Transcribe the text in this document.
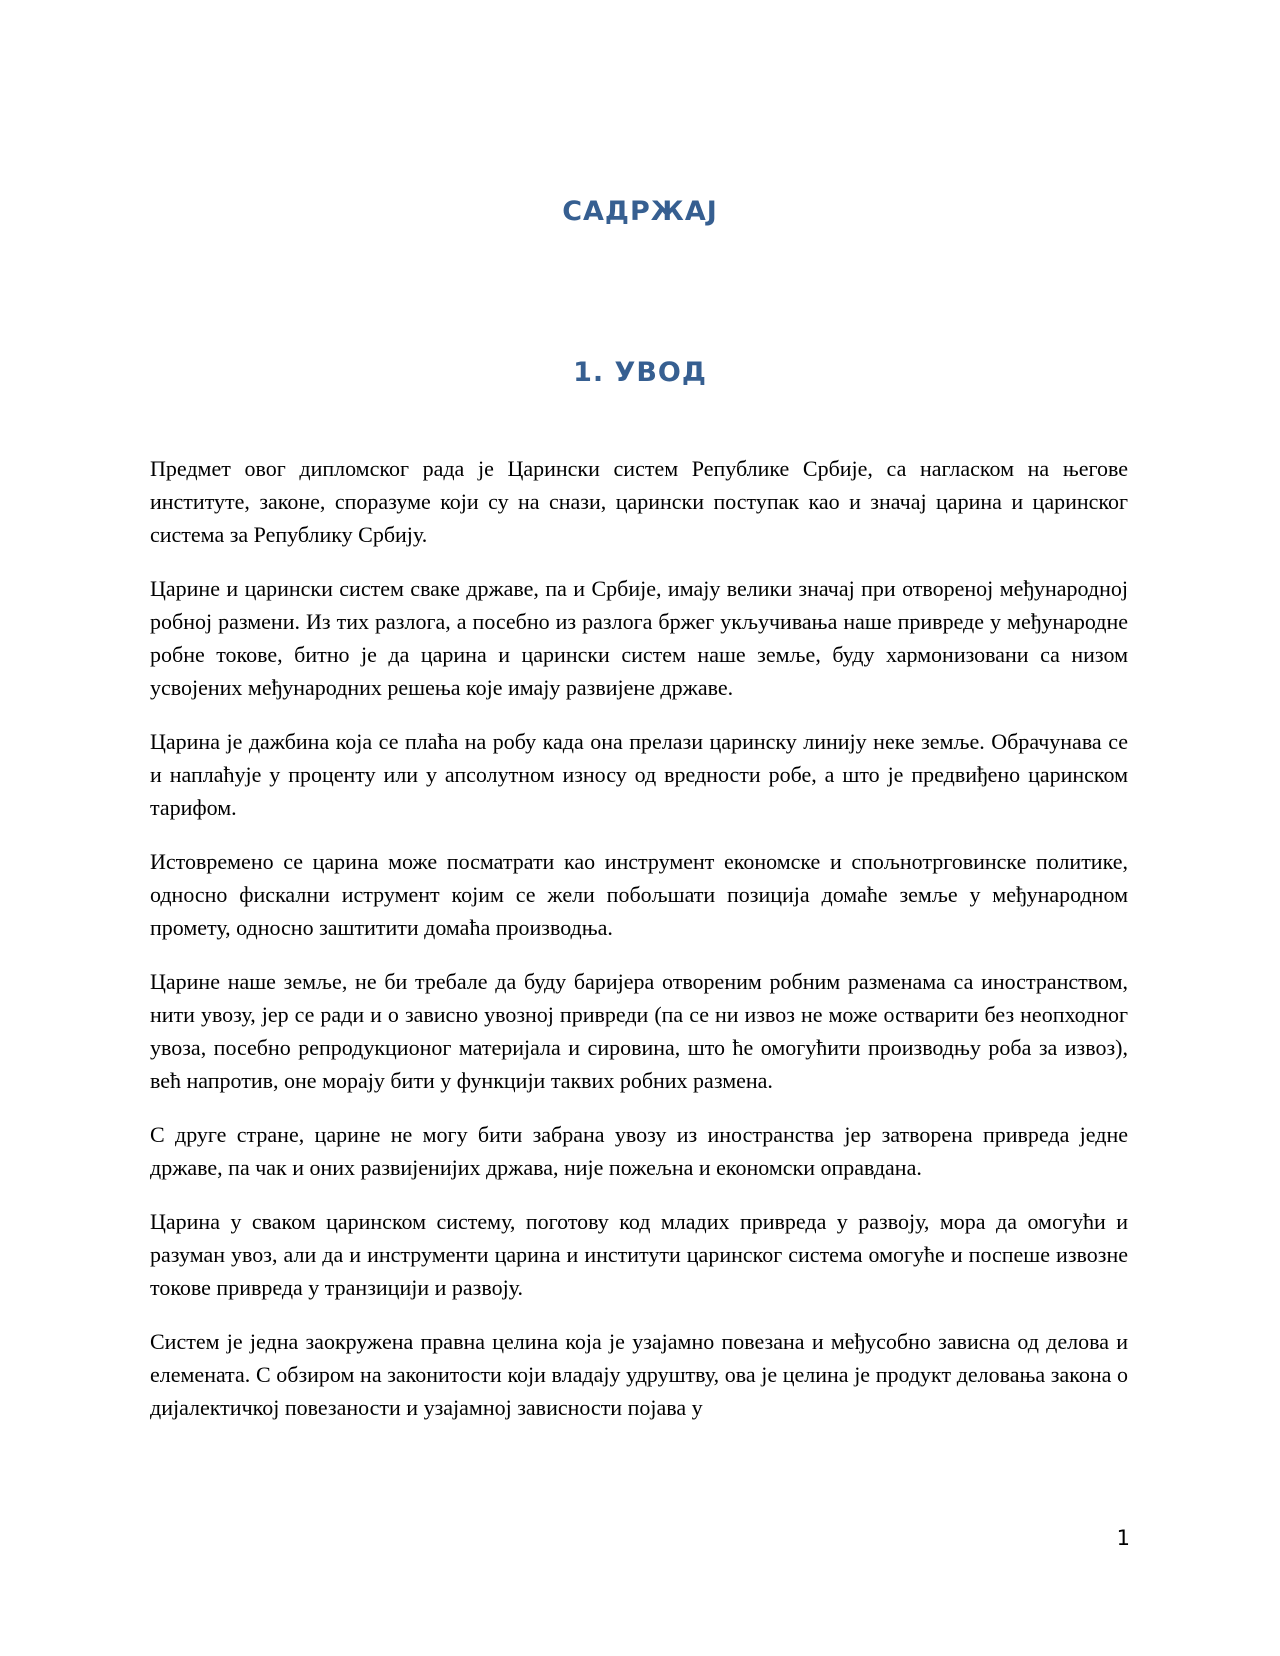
САДРЖАЈ
1. УВОД

Предмет овог дипломског рада је Царински систем Републике Србије, са нагласком на његове институте, законе, споразуме који су на снази, царински поступак као и значај царина и царинског система за Републику Србију.

Царине и царински систем сваке државе, па и Србије, имају велики значај при отвореној међународној робној размени. Из тих разлога, а посебно из разлога бржег укључивања наше привреде у међународне робне токове, битно је да царина и царински систем наше земље, буду хармонизовани са низом усвојених међународних решења које имају развијене државе.

Царина је дажбина која се плаћа на робу када она прелази царинску линију неке земље. Обрачунава се и наплаћује у проценту или у апсолутном износу од вредности робе, а што је предвиђено царинском тарифом.

Истовремено се царина може посматрати као инструмент економске и спољнотрговинске политике, односно фискални иструмент којим се жели побољшати позиција домаће земље у међународном промету, односно заштитити домаћа производња.

Царине наше земље, не би требале да буду баријера отвореним робним разменама са иностранством, нити увозу, јер се ради и о зависно увозној привреди (па се ни извоз не може остварити без неопходног увоза, посебно репродукционог материјала и сировина, што ће омогућити производњу роба за извоз), већ напротив, оне морају бити у функцији таквих робних размена.

С друге стране, царине не могу бити забрана увозу из иностранства јер затворена привреда једне државе, па чак и оних развијенијих држава, није пожељна и економски оправдана.

Царина у сваком царинском систему, поготову код младих привреда у развоју, мора да омогући и разуман увоз, али да и инструменти царина и институти царинског система омогуће и поспеше извозне токове привреда у транзицији и развоју.

Систем је једна заокружена правна целина која је узајамно повезана и међусобно зависна од делова и елемената. С обзиром на законитости који владају удруштву, ова је целина је продукт деловања закона о дијалектичкој повезаности и узајамној зависности појава у

1
